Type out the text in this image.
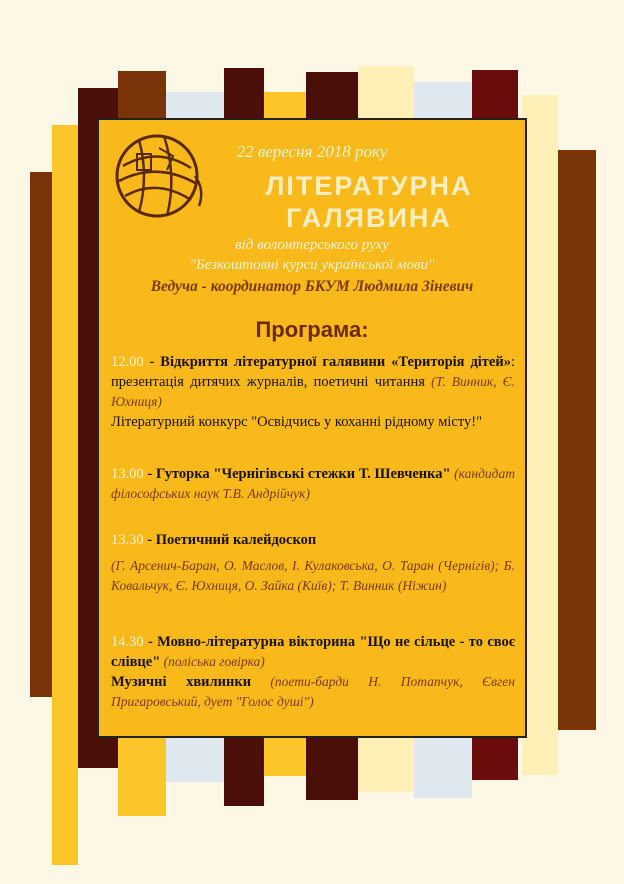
22 вересня 2018 року
ЛІТЕРАТУРНА
ГАЛЯВИНА
від волонтерського руху
"Безкоштовні курси української мови"
Ведуча - координатор БКУМ Людмила Зіневич
Програма:
12.00 - Відкриття літературної галявини «Територія дітей»: презентація дитячих журналів, поетичні читання (Т. Винник, Є. Юхниця)
Літературний конкурс "Освідчись у коханні рідному місту!"
13.00 - Гуторка "Чернігівські стежки Т. Шевченка" (кандидат філософських наук Т.В. Андрійчук)
13.30 - Поетичний калейдоскоп
(Г. Арсенич-Баран, О. Маслов, І. Кулаковська, О. Таран (Чернігів); Б. Ковальчук, Є. Юхниця, О. Зайка (Київ); Т. Винник (Ніжин)
14.30 - Мовно-літературна вікторина "Що не сільце - то своє слівце" (поліська говірка)
Музичні хвилинки (поети-барди Н. Потапчук, Євген Пригаровський, дует "Голос душі")
